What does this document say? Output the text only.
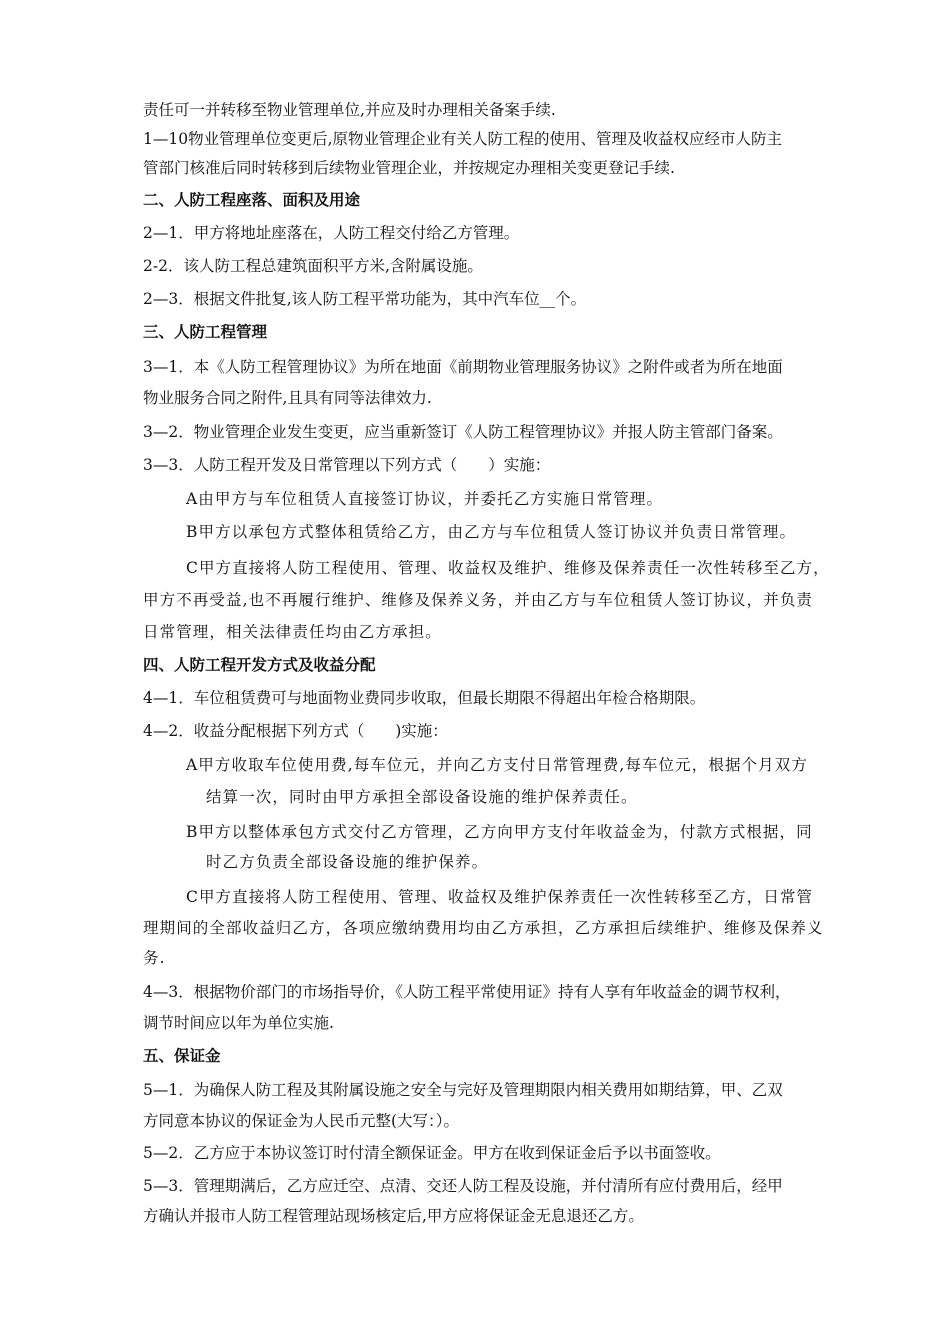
责任可一并转移至物业管理单位,并应及时办理相关备案手续.
1—10物业管理单位变更后,原物业管理企业有关人防工程的使用、管理及收益权应经市人防主
管部门核准后同时转移到后续物业管理企业，并按规定办理相关变更登记手续.
二、人防工程座落、面积及用途
2—1．甲方将地址座落在，人防工程交付给乙方管理。
2-2．该人防工程总建筑面积平方米,含附属设施。
2—3．根据文件批复,该人防工程平常功能为，其中汽车位__个。
三、人防工程管理
3—1．本《人防工程管理协议》为所在地面《前期物业管理服务协议》之附件或者为所在地面
物业服务合同之附件,且具有同等法律效力.
3—2．物业管理企业发生变更，应当重新签订《人防工程管理协议》并报人防主管部门备案。
3—3．人防工程开发及日常管理以下列方式（　　）实施：
A由甲方与车位租赁人直接签订协议，并委托乙方实施日常管理。
B甲方以承包方式整体租赁给乙方，由乙方与车位租赁人签订协议并负责日常管理。
C甲方直接将人防工程使用、管理、收益权及维护、维修及保养责任一次性转移至乙方，
甲方不再受益,也不再履行维护、维修及保养义务，并由乙方与车位租赁人签订协议，并负责
日常管理，相关法律责任均由乙方承担。
四、人防工程开发方式及收益分配
4—1．车位租赁费可与地面物业费同步收取，但最长期限不得超出年检合格期限。
4—2．收益分配根据下列方式（　　)实施：
A甲方收取车位使用费,每车位元，并向乙方支付日常管理费,每车位元，根据个月双方
结算一次，同时由甲方承担全部设备设施的维护保养责任。
B甲方以整体承包方式交付乙方管理，乙方向甲方支付年收益金为，付款方式根据，同
时乙方负责全部设备设施的维护保养。
C甲方直接将人防工程使用、管理、收益权及维护保养责任一次性转移至乙方，日常管
理期间的全部收益归乙方，各项应缴纳费用均由乙方承担，乙方承担后续维护、维修及保养义
务.
4—3．根据物价部门的市场指导价，《人防工程平常使用证》持有人享有年收益金的调节权利，
调节时间应以年为单位实施.
五、保证金
5—1．为确保人防工程及其附属设施之安全与完好及管理期限内相关费用如期结算，甲、乙双
方同意本协议的保证金为人民币元整(大写：）。
5—2．乙方应于本协议签订时付清全额保证金。甲方在收到保证金后予以书面签收。
5—3．管理期满后，乙方应迁空、点清、交还人防工程及设施，并付清所有应付费用后，经甲
方确认并报市人防工程管理站现场核定后,甲方应将保证金无息退还乙方。
